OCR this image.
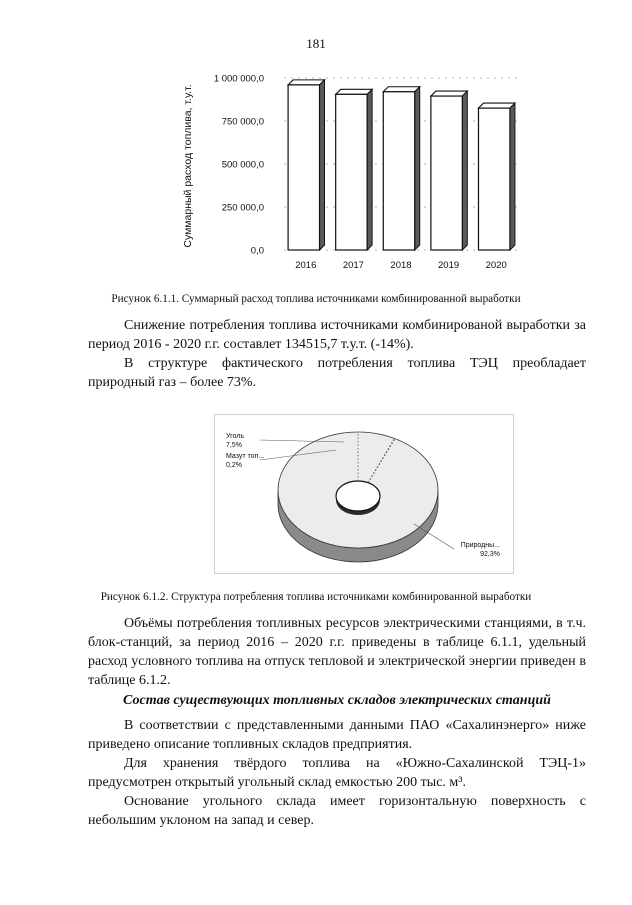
181
0,0
250 000,0
500 000,0
750 000,0
1 000 000,0
2016	2017	2018	2019	2020
Суммарный расход топлива, т.у.т.
Рисунок 6.1.1. Суммарный расход топлива источниками комбинированной выработки

Снижение потребления топлива источниками комбинированой выработки за период 2016 - 2020 г.г. составлет 134515,7 т.у.т. (-14%).

В структуре фактического потребления топлива ТЭЦ преобладает природный газ – более 73%.

Уголь
7,5%
Мазут топ...
0,2%
Природны...
92,3%
Рисунок 6.1.2. Структура потребления топлива источниками комбинированной выработки

Объёмы потребления топливных ресурсов электрическими станциями, в т.ч. блок-станций, за период 2016 – 2020 г.г. приведены в таблице 6.1.1, удельный расход условного топлива на отпуск тепловой и электрической энергии приведен в таблице 6.1.2.

Состав существующих топливных складов электрических станций

В соответствии с представленными данными ПАО «Сахалинэнерго» ниже приведено описание топливных складов предприятия.

Для хранения твёрдого топлива на «Южно-Сахалинской ТЭЦ-1» предусмотрен открытый угольный склад емкостью 200 тыс. м³.

Основание угольного склада имеет горизонтальную поверхность с небольшим уклоном на запад и север.
